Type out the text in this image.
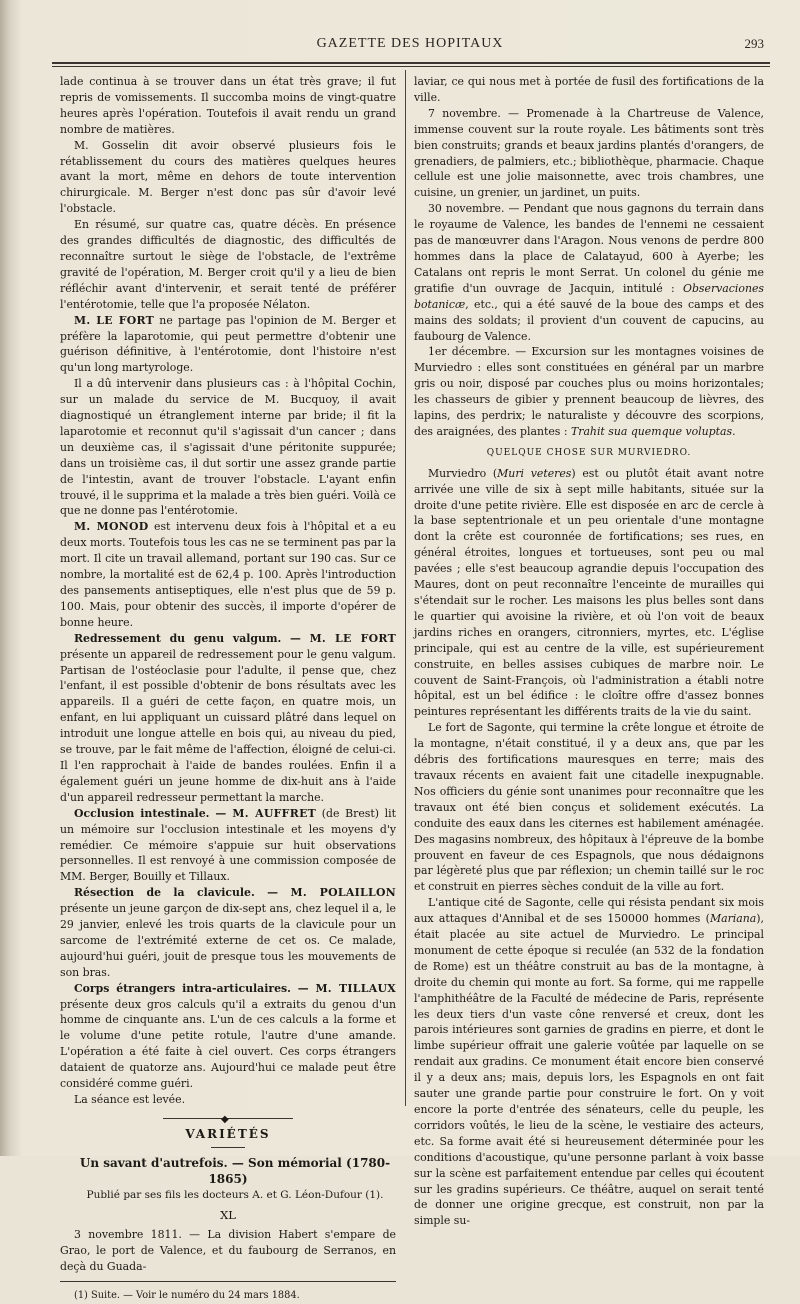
GAZETTE DES HOPITAUX	293

lade continua à se trouver dans un état très grave; il fut repris de vomissements. Il succomba moins de vingt-quatre heures après l'opération. Toutefois il avait rendu un grand nombre de matières.

M. Gosselin dit avoir observé plusieurs fois le rétablissement du cours des matières quelques heures avant la mort, même en dehors de toute intervention chirurgicale. M. Berger n'est donc pas sûr d'avoir levé l'obstacle.

En résumé, sur quatre cas, quatre décès. En présence des grandes difficultés de diagnostic, des difficultés de reconnaître surtout le siège de l'obstacle, de l'extrême gravité de l'opération, M. Berger croit qu'il y a lieu de bien réfléchir avant d'intervenir, et serait tenté de préférer l'entérotomie, telle que l'a proposée Nélaton.

M. LE FORT ne partage pas l'opinion de M. Berger et préfère la laparotomie, qui peut permettre d'obtenir une guérison définitive, à l'entérotomie, dont l'histoire n'est qu'un long martyrologe.

Il a dû intervenir dans plusieurs cas : à l'hôpital Cochin, sur un malade du service de M. Bucquoy, il avait diagnostiqué un étranglement interne par bride; il fit la laparotomie et reconnut qu'il s'agissait d'un cancer ; dans un deuxième cas, il s'agissait d'une péritonite suppurée; dans un troisième cas, il dut sortir une assez grande partie de l'intestin, avant de trouver l'obstacle. L'ayant enfin trouvé, il le supprima et la malade a très bien guéri. Voilà ce que ne donne pas l'entérotomie.

M. MONOD est intervenu deux fois à l'hôpital et a eu deux morts. Toutefois tous les cas ne se terminent pas par la mort. Il cite un travail allemand, portant sur 190 cas. Sur ce nombre, la mortalité est de 62,4 p. 100. Après l'introduction des pansements antiseptiques, elle n'est plus que de 59 p. 100. Mais, pour obtenir des succès, il importe d'opérer de bonne heure.

Redressement du genu valgum. — M. LE FORT présente un appareil de redressement pour le genu valgum. Partisan de l'ostéoclasie pour l'adulte, il pense que, chez l'enfant, il est possible d'obtenir de bons résultats avec les appareils. Il a guéri de cette façon, en quatre mois, un enfant, en lui appliquant un cuissard plâtré dans lequel on introduit une longue attelle en bois qui, au niveau du pied, se trouve, par le fait même de l'affection, éloigné de celui-ci. Il l'en rapprochait à l'aide de bandes roulées. Enfin il a également guéri un jeune homme de dix-huit ans à l'aide d'un appareil redresseur permettant la marche.

Occlusion intestinale. — M. AUFFRET (de Brest) lit un mémoire sur l'occlusion intestinale et les moyens d'y remédier. Ce mémoire s'appuie sur huit observations personnelles. Il est renvoyé à une commission composée de MM. Berger, Bouilly et Tillaux.

Résection de la clavicule. — M. POLAILLON présente un jeune garçon de dix-sept ans, chez lequel il a, le 29 janvier, enlevé les trois quarts de la clavicule pour un sarcome de l'extrémité externe de cet os. Ce malade, aujourd'hui guéri, jouit de presque tous les mouvements de son bras.

Corps étrangers intra-articulaires. — M. TILLAUX présente deux gros calculs qu'il a extraits du genou d'un homme de cinquante ans. L'un de ces calculs a la forme et le volume d'une petite rotule, l'autre d'une amande. L'opération a été faite à ciel ouvert. Ces corps étrangers dataient de quatorze ans. Aujourd'hui ce malade peut être considéré comme guéri.

La séance est levée.

◆
VARIÉTÉS

Un savant d'autrefois. — Son mémorial (1780-1865)

Publié par ses fils les docteurs A. et G. Léon-Dufour (1).

XL

3 novembre 1811. — La division Habert s'empare de Grao, le port de Valence, et du faubourg de Serranos, en deçà du Guada-

(1) Suite. — Voir le numéro du 24 mars 1884.

laviar, ce qui nous met à portée de fusil des fortifications de la ville.

7 novembre. — Promenade à la Chartreuse de Valence, immense couvent sur la route royale. Les bâtiments sont très bien construits; grands et beaux jardins plantés d'orangers, de grenadiers, de palmiers, etc.; bibliothèque, pharmacie. Chaque cellule est une jolie maisonnette, avec trois chambres, une cuisine, un grenier, un jardinet, un puits.

30 novembre. — Pendant que nous gagnons du terrain dans le royaume de Valence, les bandes de l'ennemi ne cessaient pas de manœuvrer dans l'Aragon. Nous venons de perdre 800 hommes dans la place de Calatayud, 600 à Ayerbe; les Catalans ont repris le mont Serrat. Un colonel du génie me gratifie d'un ouvrage de Jacquin, intitulé : Observaciones botanicæ, etc., qui a été sauvé de la boue des camps et des mains des soldats; il provient d'un couvent de capucins, au faubourg de Valence.

1er décembre. — Excursion sur les montagnes voisines de Murviedro : elles sont constituées en général par un marbre gris ou noir, disposé par couches plus ou moins horizontales; les chasseurs de gibier y prennent beaucoup de lièvres, des lapins, des perdrix; le naturaliste y découvre des scorpions, des araignées, des plantes : Trahit sua quemque voluptas.

QUELQUE CHOSE SUR MURVIEDRO.

Murviedro (Muri veteres) est ou plutôt était avant notre arrivée une ville de six à sept mille habitants, située sur la droite d'une petite rivière. Elle est disposée en arc de cercle à la base septentrionale et un peu orientale d'une montagne dont la crête est couronnée de fortifications; ses rues, en général étroites, longues et tortueuses, sont peu ou mal pavées ; elle s'est beaucoup agrandie depuis l'occupation des Maures, dont on peut reconnaître l'enceinte de murailles qui s'étendait sur le rocher. Les maisons les plus belles sont dans le quartier qui avoisine la rivière, et où l'on voit de beaux jardins riches en orangers, citronniers, myrtes, etc. L'église principale, qui est au centre de la ville, est supérieurement construite, en belles assises cubiques de marbre noir. Le couvent de Saint-François, où l'administration a établi notre hôpital, est un bel édifice : le cloître offre d'assez bonnes peintures représentant les différents traits de la vie du saint.

Le fort de Sagonte, qui termine la crête longue et étroite de la montagne, n'était constitué, il y a deux ans, que par les débris des fortifications mauresques en terre; mais des travaux récents en avaient fait une citadelle inexpugnable. Nos officiers du génie sont unanimes pour reconnaître que les travaux ont été bien conçus et solidement exécutés. La conduite des eaux dans les citernes est habilement aménagée. Des magasins nombreux, des hôpitaux à l'épreuve de la bombe prouvent en faveur de ces Espagnols, que nous dédaignons par légèreté plus que par réflexion; un chemin taillé sur le roc et construit en pierres sèches conduit de la ville au fort.

L'antique cité de Sagonte, celle qui résista pendant six mois aux attaques d'Annibal et de ses 150000 hommes (Mariana), était placée au site actuel de Murviedro. Le principal monument de cette époque si reculée (an 532 de la fondation de Rome) est un théâtre construit au bas de la montagne, à droite du chemin qui monte au fort. Sa forme, qui me rappelle l'amphithéâtre de la Faculté de médecine de Paris, représente les deux tiers d'un vaste cône renversé et creux, dont les parois intérieures sont garnies de gradins en pierre, et dont le limbe supérieur offrait une galerie voûtée par laquelle on se rendait aux gradins. Ce monument était encore bien conservé il y a deux ans; mais, depuis lors, les Espagnols en ont fait sauter une grande partie pour construire le fort. On y voit encore la porte d'entrée des sénateurs, celle du peuple, les corridors voûtés, le lieu de la scène, le vestiaire des acteurs, etc. Sa forme avait été si heureusement déterminée pour les conditions d'acoustique, qu'une personne parlant à voix basse sur la scène est parfaitement entendue par celles qui écoutent sur les gradins supérieurs. Ce théâtre, auquel on serait tenté de donner une origine grecque, est construit, non par la simple su-
